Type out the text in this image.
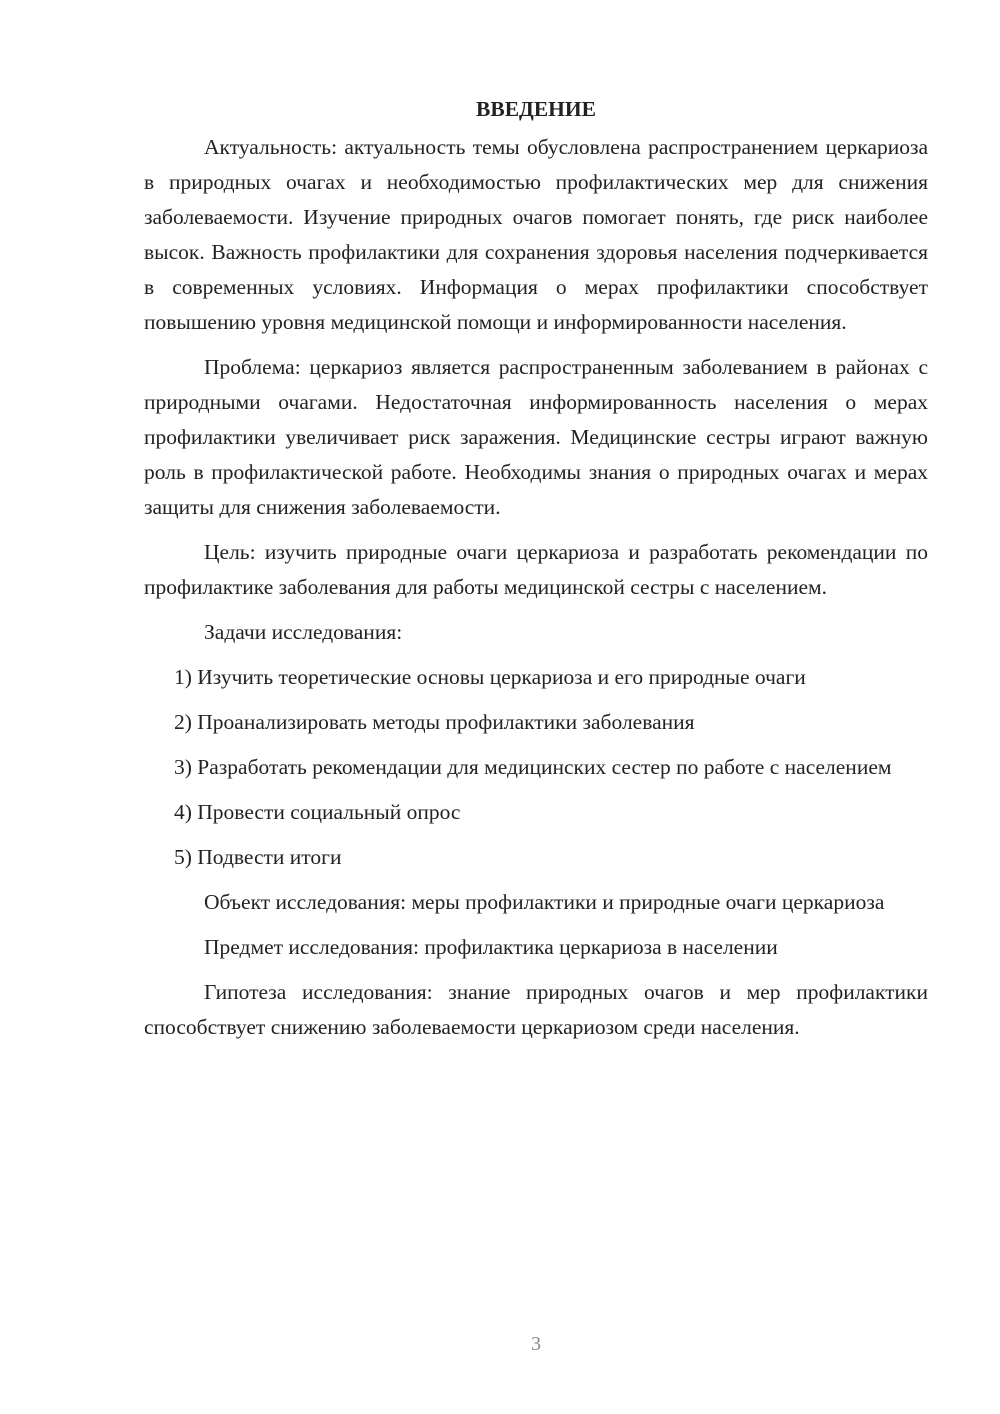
ВВЕДЕНИЕ

Актуальность: актуальность темы обусловлена распространением церкариоза в природных очагах и необходимостью профилактических мер для снижения заболеваемости. Изучение природных очагов помогает понять, где риск наиболее высок. Важность профилактики для сохранения здоровья населения подчеркивается в современных условиях. Информация о мерах профилактики способствует повышению уровня медицинской помощи и информированности населения.

Проблема: церкариоз является распространенным заболеванием в районах с природными очагами. Недостаточная информированность населения о мерах профилактики увеличивает риск заражения. Медицинские сестры играют важную роль в профилактической работе. Необходимы знания о природных очагах и мерах защиты для снижения заболеваемости.

Цель: изучить природные очаги церкариоза и разработать рекомендации по профилактике заболевания для работы медицинской сестры с населением.

Задачи исследования:

1) Изучить теоретические основы церкариоза и его природные очаги

2) Проанализировать методы профилактики заболевания

3) Разработать рекомендации для медицинских сестер по работе с населением

4) Провести социальный опрос

5) Подвести итоги

Объект исследования: меры профилактики и природные очаги церкариоза

Предмет исследования: профилактика церкариоза в населении

Гипотеза исследования: знание природных очагов и мер профилактики способствует снижению заболеваемости церкариозом среди населения.

3
